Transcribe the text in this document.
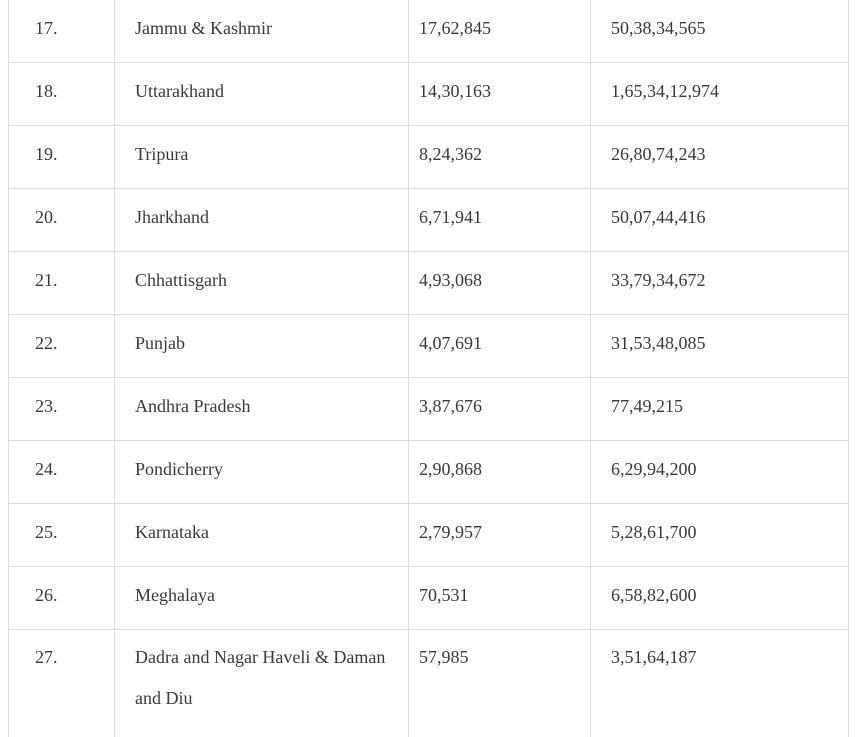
17.	Jammu & Kashmir	17,62,845	50,38,34,565
18.	Uttarakhand	14,30,163	1,65,34,12,974
19.	Tripura	8,24,362	26,80,74,243
20.	Jharkhand	6,71,941	50,07,44,416
21.	Chhattisgarh	4,93,068	33,79,34,672
22.	Punjab	4,07,691	31,53,48,085
23.	Andhra Pradesh	3,87,676	77,49,215
24.	Pondicherry	2,90,868	6,29,94,200
25.	Karnataka	2,79,957	5,28,61,700
26.	Meghalaya	70,531	6,58,82,600
27.	Dadra and Nagar Haveli & Daman and Diu	57,985	3,51,64,187
